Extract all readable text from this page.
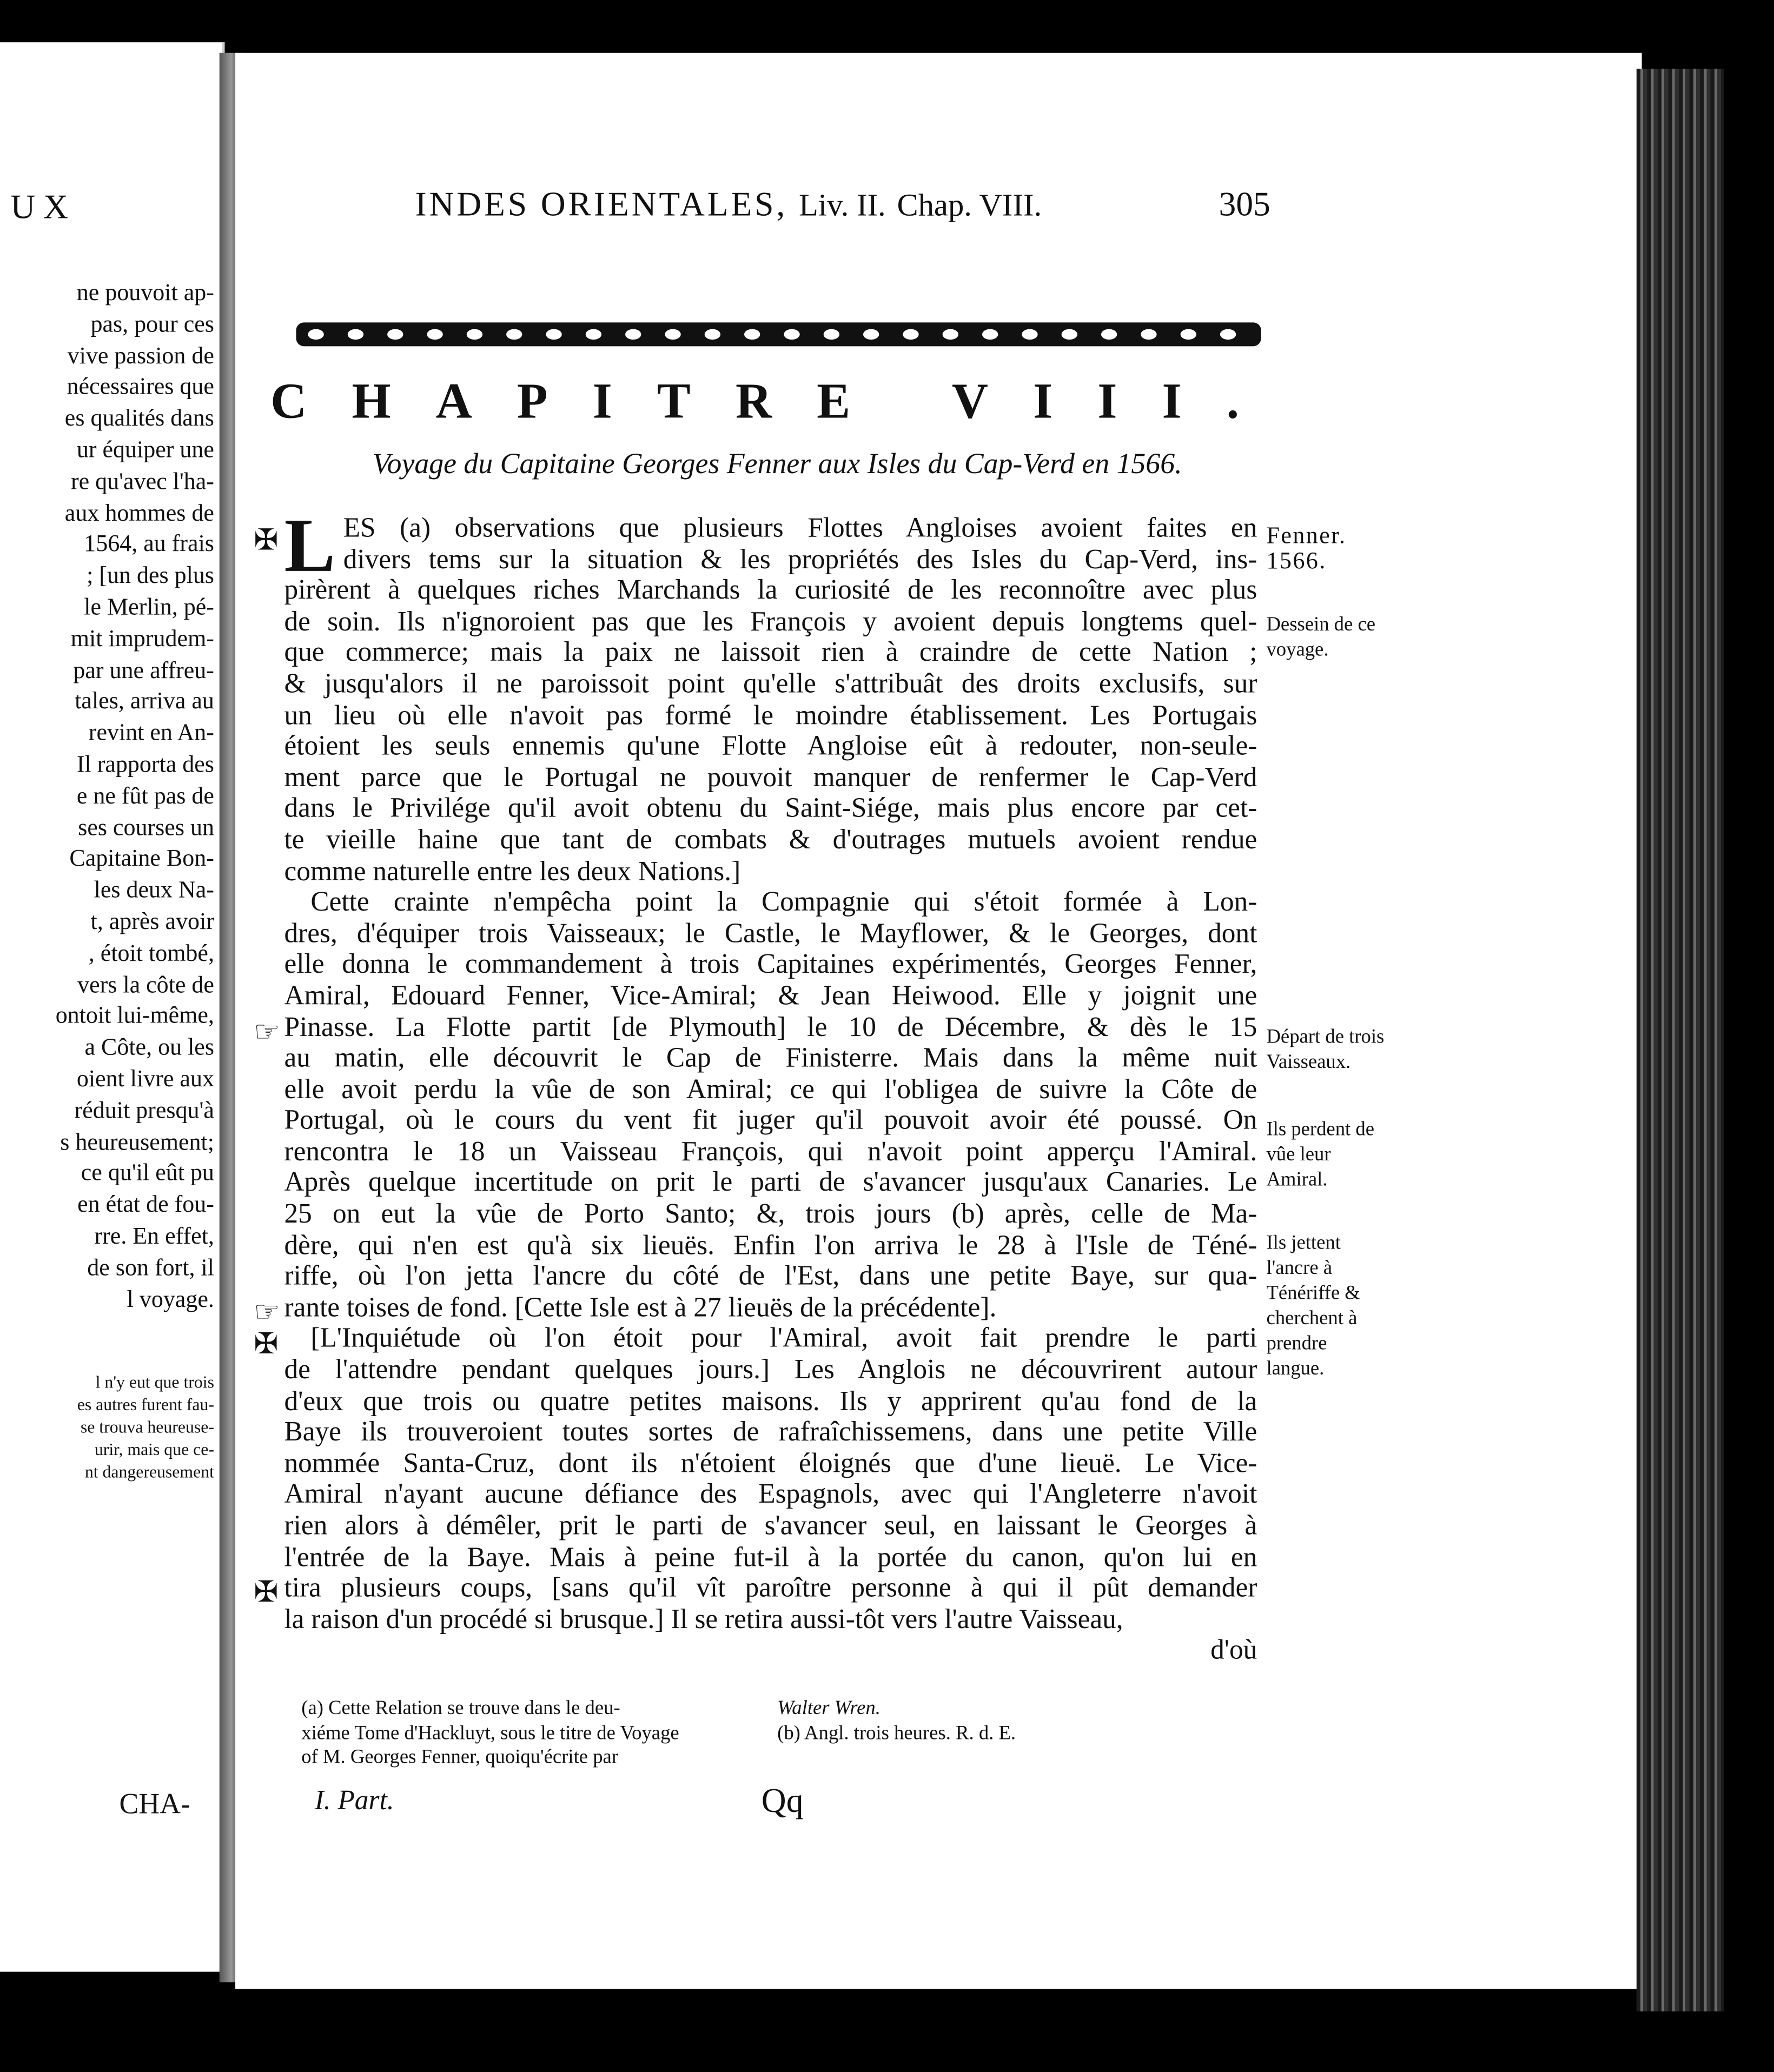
UX
ne pouvoit ap-
pas, pour ces
vive passion de
nécessaires que
es qualités dans
ur équiper une
re qu'avec l'ha-
aux hommes de
1564, au frais
; [un des plus
le Merlin, pé-
mit imprudem-
par une affreu-
tales, arriva au
revint en An-
Il rapporta des
e ne fût pas de
ses courses un
Capitaine Bon-
les deux Na-
t, après avoir
, étoit tombé,
vers la côte de
ontoit lui-même,
a Côte, ou les
oient livre aux
réduit presqu'à
s heureusement;
ce qu'il eût pu
en état de fou-
rre. En effet,
de son fort, il
l voyage.
l n'y eut que trois
es autres furent fau-
se trouva heureuse-
urir, mais que ce-
nt dangereusement
CHA-
INDES ORIENTALES, Liv. II. Chap. VIII.	305
CHAPITRE VIII.
Voyage du Capitaine Georges Fenner aux Isles du Cap-Verd en 1566.
✠
☞
☞
✠
✠
L ES (a) observations que plusieurs Flottes Angloises avoient faites en
divers tems sur la situation & les propriétés des Isles du Cap-Verd, ins-
pirèrent à quelques riches Marchands la curiosité de les reconnoître avec plus
de soin. Ils n'ignoroient pas que les François y avoient depuis longtems quel-
que commerce; mais la paix ne laissoit rien à craindre de cette Nation ;
& jusqu'alors il ne paroissoit point qu'elle s'attribuât des droits exclusifs, sur
un lieu où elle n'avoit pas formé le moindre établissement. Les Portugais
étoient les seuls ennemis qu'une Flotte Angloise eût à redouter, non-seule-
ment parce que le Portugal ne pouvoit manquer de renfermer le Cap-Verd
dans le Privilége qu'il avoit obtenu du Saint-Siége, mais plus encore par cet-
te vieille haine que tant de combats & d'outrages mutuels avoient rendue
comme naturelle entre les deux Nations.]
Cette crainte n'empêcha point la Compagnie qui s'étoit formée à Lon-
dres, d'équiper trois Vaisseaux; le Castle, le Mayflower, & le Georges, dont
elle donna le commandement à trois Capitaines expérimentés, Georges Fenner,
Amiral, Edouard Fenner, Vice-Amiral; & Jean Heiwood. Elle y joignit une
Pinasse. La Flotte partit [de Plymouth] le 10 de Décembre, & dès le 15
au matin, elle découvrit le Cap de Finisterre. Mais dans la même nuit
elle avoit perdu la vûe de son Amiral; ce qui l'obligea de suivre la Côte de
Portugal, où le cours du vent fit juger qu'il pouvoit avoir été poussé. On
rencontra le 18 un Vaisseau François, qui n'avoit point apperçu l'Amiral.
Après quelque incertitude on prit le parti de s'avancer jusqu'aux Canaries. Le
25 on eut la vûe de Porto Santo; &, trois jours (b) après, celle de Ma-
dère, qui n'en est qu'à six lieuës. Enfin l'on arriva le 28 à l'Isle de Téné-
riffe, où l'on jetta l'ancre du côté de l'Est, dans une petite Baye, sur qua-
rante toises de fond. [Cette Isle est à 27 lieuës de la précédente].
[L'Inquiétude où l'on étoit pour l'Amiral, avoit fait prendre le parti
de l'attendre pendant quelques jours.] Les Anglois ne découvrirent autour
d'eux que trois ou quatre petites maisons. Ils y apprirent qu'au fond de la
Baye ils trouveroient toutes sortes de rafraîchissemens, dans une petite Ville
nommée Santa-Cruz, dont ils n'étoient éloignés que d'une lieuë. Le Vice-
Amiral n'ayant aucune défiance des Espagnols, avec qui l'Angleterre n'avoit
rien alors à démêler, prit le parti de s'avancer seul, en laissant le Georges à
l'entrée de la Baye. Mais à peine fut-il à la portée du canon, qu'on lui en
tira plusieurs coups, [sans qu'il vît paroître personne à qui il pût demander
la raison d'un procédé si brusque.] Il se retira aussi-tôt vers l'autre Vaisseau,
d'où
Fenner.
1566.
Dessein de ce voyage.
Départ de trois Vaisseaux.
Ils perdent de vûe leur Amiral.
Ils jettent l'ancre à Ténériffe & cherchent à prendre langue.
(a) Cette Relation se trouve dans le deu-
xiéme Tome d'Hackluyt, sous le titre de Voyage
of M. Georges Fenner, quoiqu'écrite par
Walter Wren.
(b) Angl. trois heures. R. d. E.
I. Part.	Qq
